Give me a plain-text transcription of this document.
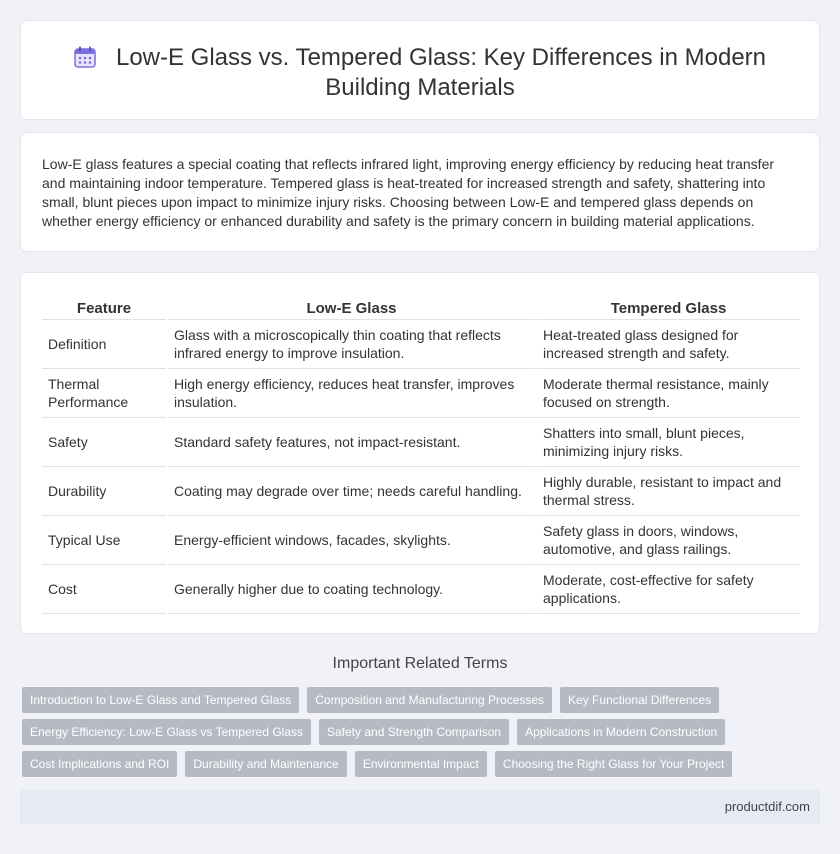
Low-E Glass vs. Tempered Glass: Key Differences in Modern Building Materials

Low-E glass features a special coating that reflects infrared light, improving energy efficiency by reducing heat transfer and maintaining indoor temperature. Tempered glass is heat-treated for increased strength and safety, shattering into small, blunt pieces upon impact to minimize injury risks. Choosing between Low-E and tempered glass depends on whether energy efficiency or enhanced durability and safety is the primary concern in building material applications.

Feature	Low-E Glass	Tempered Glass
Definition	Glass with a microscopically thin coating that reflects infrared energy to improve insulation.	Heat-treated glass designed for increased strength and safety.
Thermal Performance	High energy efficiency, reduces heat transfer, improves insulation.	Moderate thermal resistance, mainly focused on strength.
Safety	Standard safety features, not impact-resistant.	Shatters into small, blunt pieces, minimizing injury risks.
Durability	Coating may degrade over time; needs careful handling.	Highly durable, resistant to impact and thermal stress.
Typical Use	Energy-efficient windows, facades, skylights.	Safety glass in doors, windows, automotive, and glass railings.
Cost	Generally higher due to coating technology.	Moderate, cost-effective for safety applications.
Important Related Terms
Introduction to Low-E Glass and Tempered Glass	Composition and Manufacturing Processes	Key Functional Differences
Energy Efficiency: Low-E Glass vs Tempered Glass	Safety and Strength Comparison	Applications in Modern Construction
Cost Implications and ROI	Durability and Maintenance	Environmental Impact	Choosing the Right Glass for Your Project
productdif.com
